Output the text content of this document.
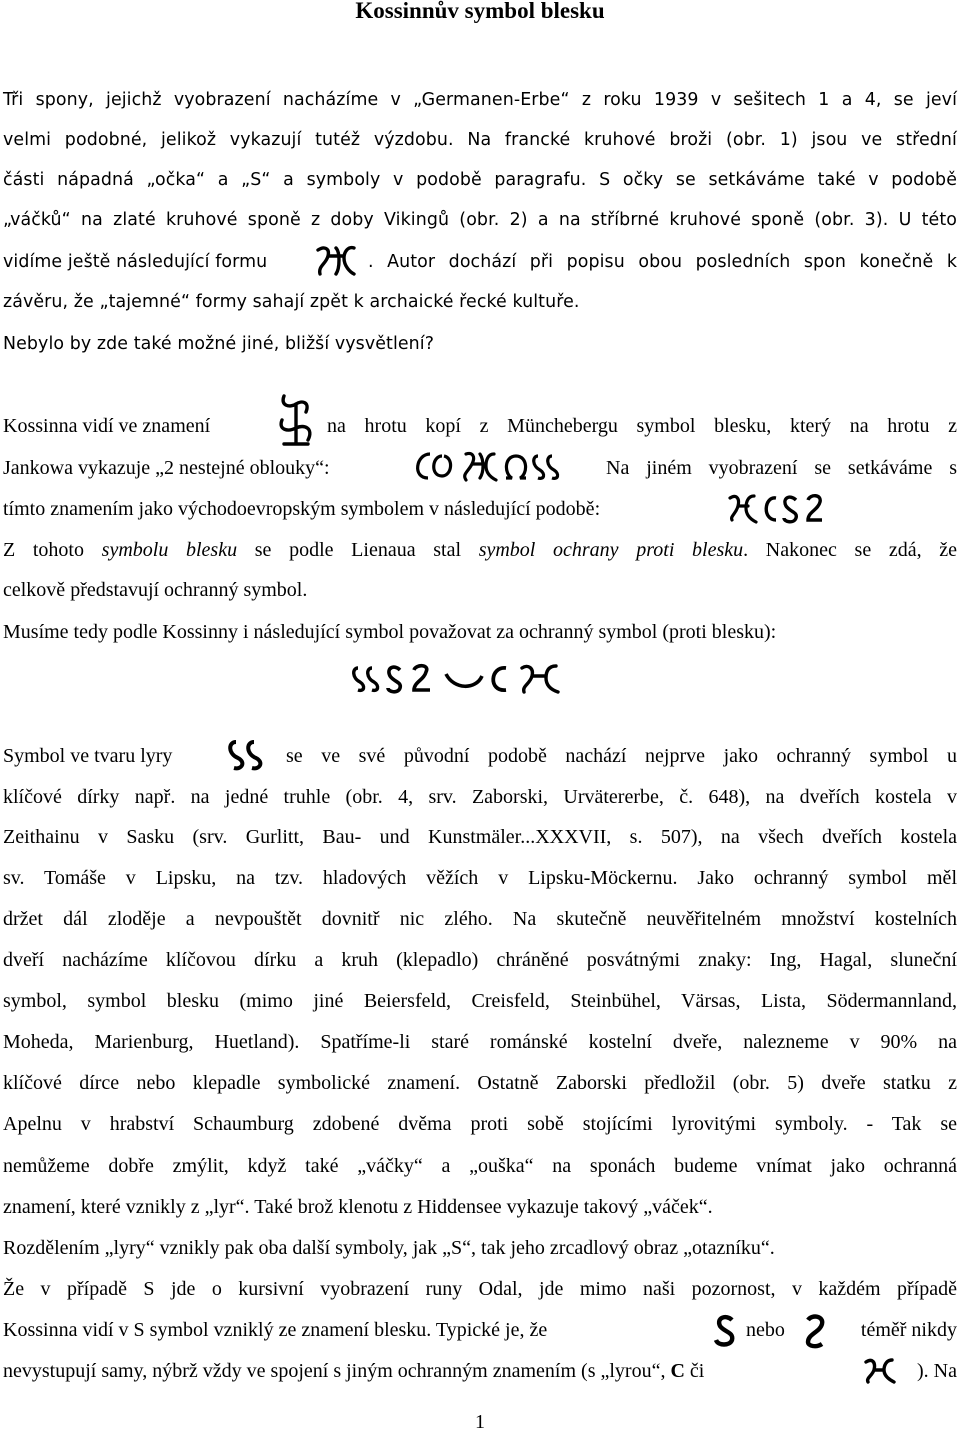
Kossinnův symbol blesku
Tři spony, jejichž vyobrazení nacházíme v „Germanen-Erbe“ z roku 1939 v sešitech 1 a 4, se jeví
velmi podobné, jelikož vykazují tutéž výzdobu. Na francké kruhové broži (obr. 1) jsou ve střední
části nápadná „očka“ a „S“ a symboly v podobě paragrafu. S očky se setkáváme také v podobě
„váčků“ na zlaté kruhové sponě z doby Vikingů (obr. 2) a na stříbrné kruhové sponě (obr. 3). U této
vidíme ještě následující formu	. Autor dochází při popisu obou posledních spon konečně k
závěru, že „tajemné“ formy sahají zpět k archaické řecké kultuře.
Nebylo by zde také možné jiné, bližší vysvětlení?
Kossinna vidí ve znamení	na hrotu kopí z Müncheberg​u symbol blesku, který na hrotu z
Jankowa vykazuje „2 nestejné oblouky“:	Na jiném vyobrazení se setkáváme s
tímto znamením jako východoevropským symbolem v následující podobě:
Z tohoto symbolu blesku se podle Lienaua stal symbol ochrany proti blesku. Nakonec se zdá, že
celkově představují ochranný symbol.
Musíme tedy podle Kossinny i následující symbol považovat za ochranný symbol (proti blesku):
Symbol ve tvaru lyry	se ve své původní podobě nachází nejprve jako ochranný symbol u
klíčové dírky např. na jedné truhle (obr. 4, srv. Zaborski, Urvätererbe, č. 648), na dveřích kostela v
Zeithainu v Sasku (srv. Gurlitt, Bau- und Kunstmäler...XXXVII, s. 507), na všech dveřích kostela
sv. Tomáše v Lipsku, na tzv. hladových věžích v Lipsku-Möckernu. Jako ochranný symbol měl
držet dál zloděje a nevpouštět dovnitř nic zlého. Na skutečně neuvěřitelném množství kostelních
dveří nacházíme klíčovou dírku a kruh (klepadlo) chráněné posvátnými znaky: Ing, Hagal, sluneční
symbol, symbol blesku (mimo jiné Beiersfeld, Creisfeld, Steinbühel, Värsas, Lista, Södermannland,
Moheda, Marienburg, Huetland). Spatříme-li staré románské kostelní dveře, nalezneme v 90% na
klíčové dírce nebo klepadle symbolické znamení. Ostatně Zaborski předložil (obr. 5) dveře statku z
Apelnu v hrabství Schaumburg zdobené dvěma proti sobě stojícími lyrovitými symboly. - Tak se
nemůžeme dobře zmýlit, když také „váčky“ a „ouška“ na sponách budeme vnímat jako ochranná
znamení, které vznikly z „lyr“. Také brož klenotu z Hiddensee vykazuje takový „váček“.
Rozdělením „lyry“ vznikly pak oba další symboly, jak „S“, tak jeho zrcadlový obraz „otazníku“.
Že v případě S jde o kursivní vyobrazení runy Odal, jde mimo naši pozornost, v každém případě
Kossinna vidí v S symbol vzniklý ze znamení blesku. Typické je, že	nebo	téměř nikdy
nevystupují samy, nýbrž vždy ve spojení s jiným ochranným znamením (s „lyrou“, C či	). Na
1
